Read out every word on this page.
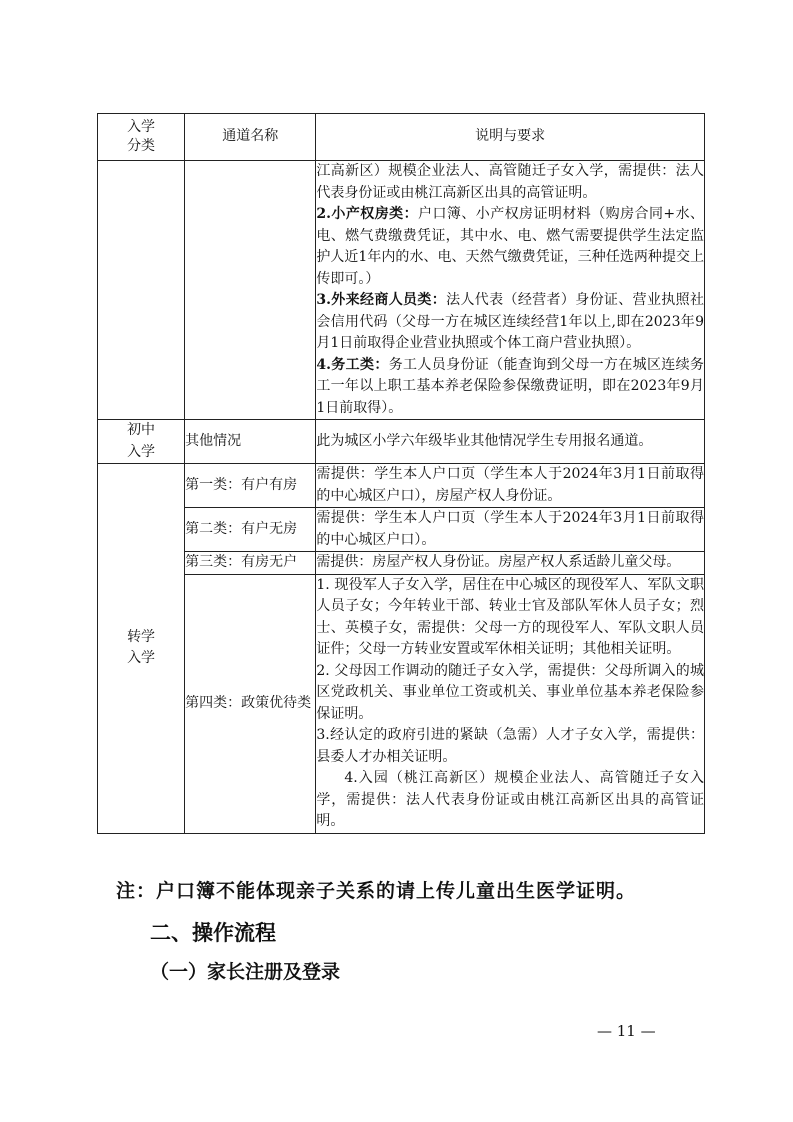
入学
分类	通道名称	说明与要求

		江高新区）规模企业法人、高管随迁子女入学，需提供：法人代表身份证或由桃江高新区出具的高管证明。

2.小产权房类：户口簿、小产权房证明材料（购房合同+水、电、燃气费缴费凭证，其中水、电、燃气需要提供学生法定监护人近1年内的水、电、天然气缴费凭证，三种任选两种提交上传即可。）

3.外来经商人员类：法人代表（经营者）身份证、营业执照社会信用代码（父母一方在城区连续经营1年以上,即在2023年9月1日前取得企业营业执照或个体工商户营业执照）。

4.务工类：务工人员身份证（能查询到父母一方在城区连续务工一年以上职工基本养老保险参保缴费证明，即在2023年9月1日前取得）。

初中
入学	其他情况	此为城区小学六年级毕业其他情况学生专用报名通道。
转学
入学	第一类：有户有房	需提供：学生本人户口页（学生本人于2024年3月1日前取得的中心城区户口），房屋产权人身份证。
	第二类：有户无房	需提供：学生本人户口页（学生本人于2024年3月1日前取得的中心城区户口）。
	第三类：有房无户	需提供：房屋产权人身份证。房屋产权人系适龄儿童父母。
	第四类：政策优待类	1. 现役军人子女入学，居住在中心城区的现役军人、军队文职人员子女；今年转业干部、转业士官及部队军休人员子女；烈士、英模子女，需提供：父母一方的现役军人、军队文职人员证件；父母一方转业安置或军休相关证明；其他相关证明。

2. 父母因工作调动的随迁子女入学，需提供：父母所调入的城区党政机关、事业单位工资或机关、事业单位基本养老保险参保证明。

3.经认定的政府引进的紧缺（急需）人才子女入学，需提供：县委人才办相关证明。

4.入园（桃江高新区）规模企业法人、高管随迁子女入学，需提供：法人代表身份证或由桃江高新区出具的高管证明。

注：户口簿不能体现亲子关系的请上传儿童出生医学证明。
二、操作流程
（一）家长注册及登录
— 11 —
